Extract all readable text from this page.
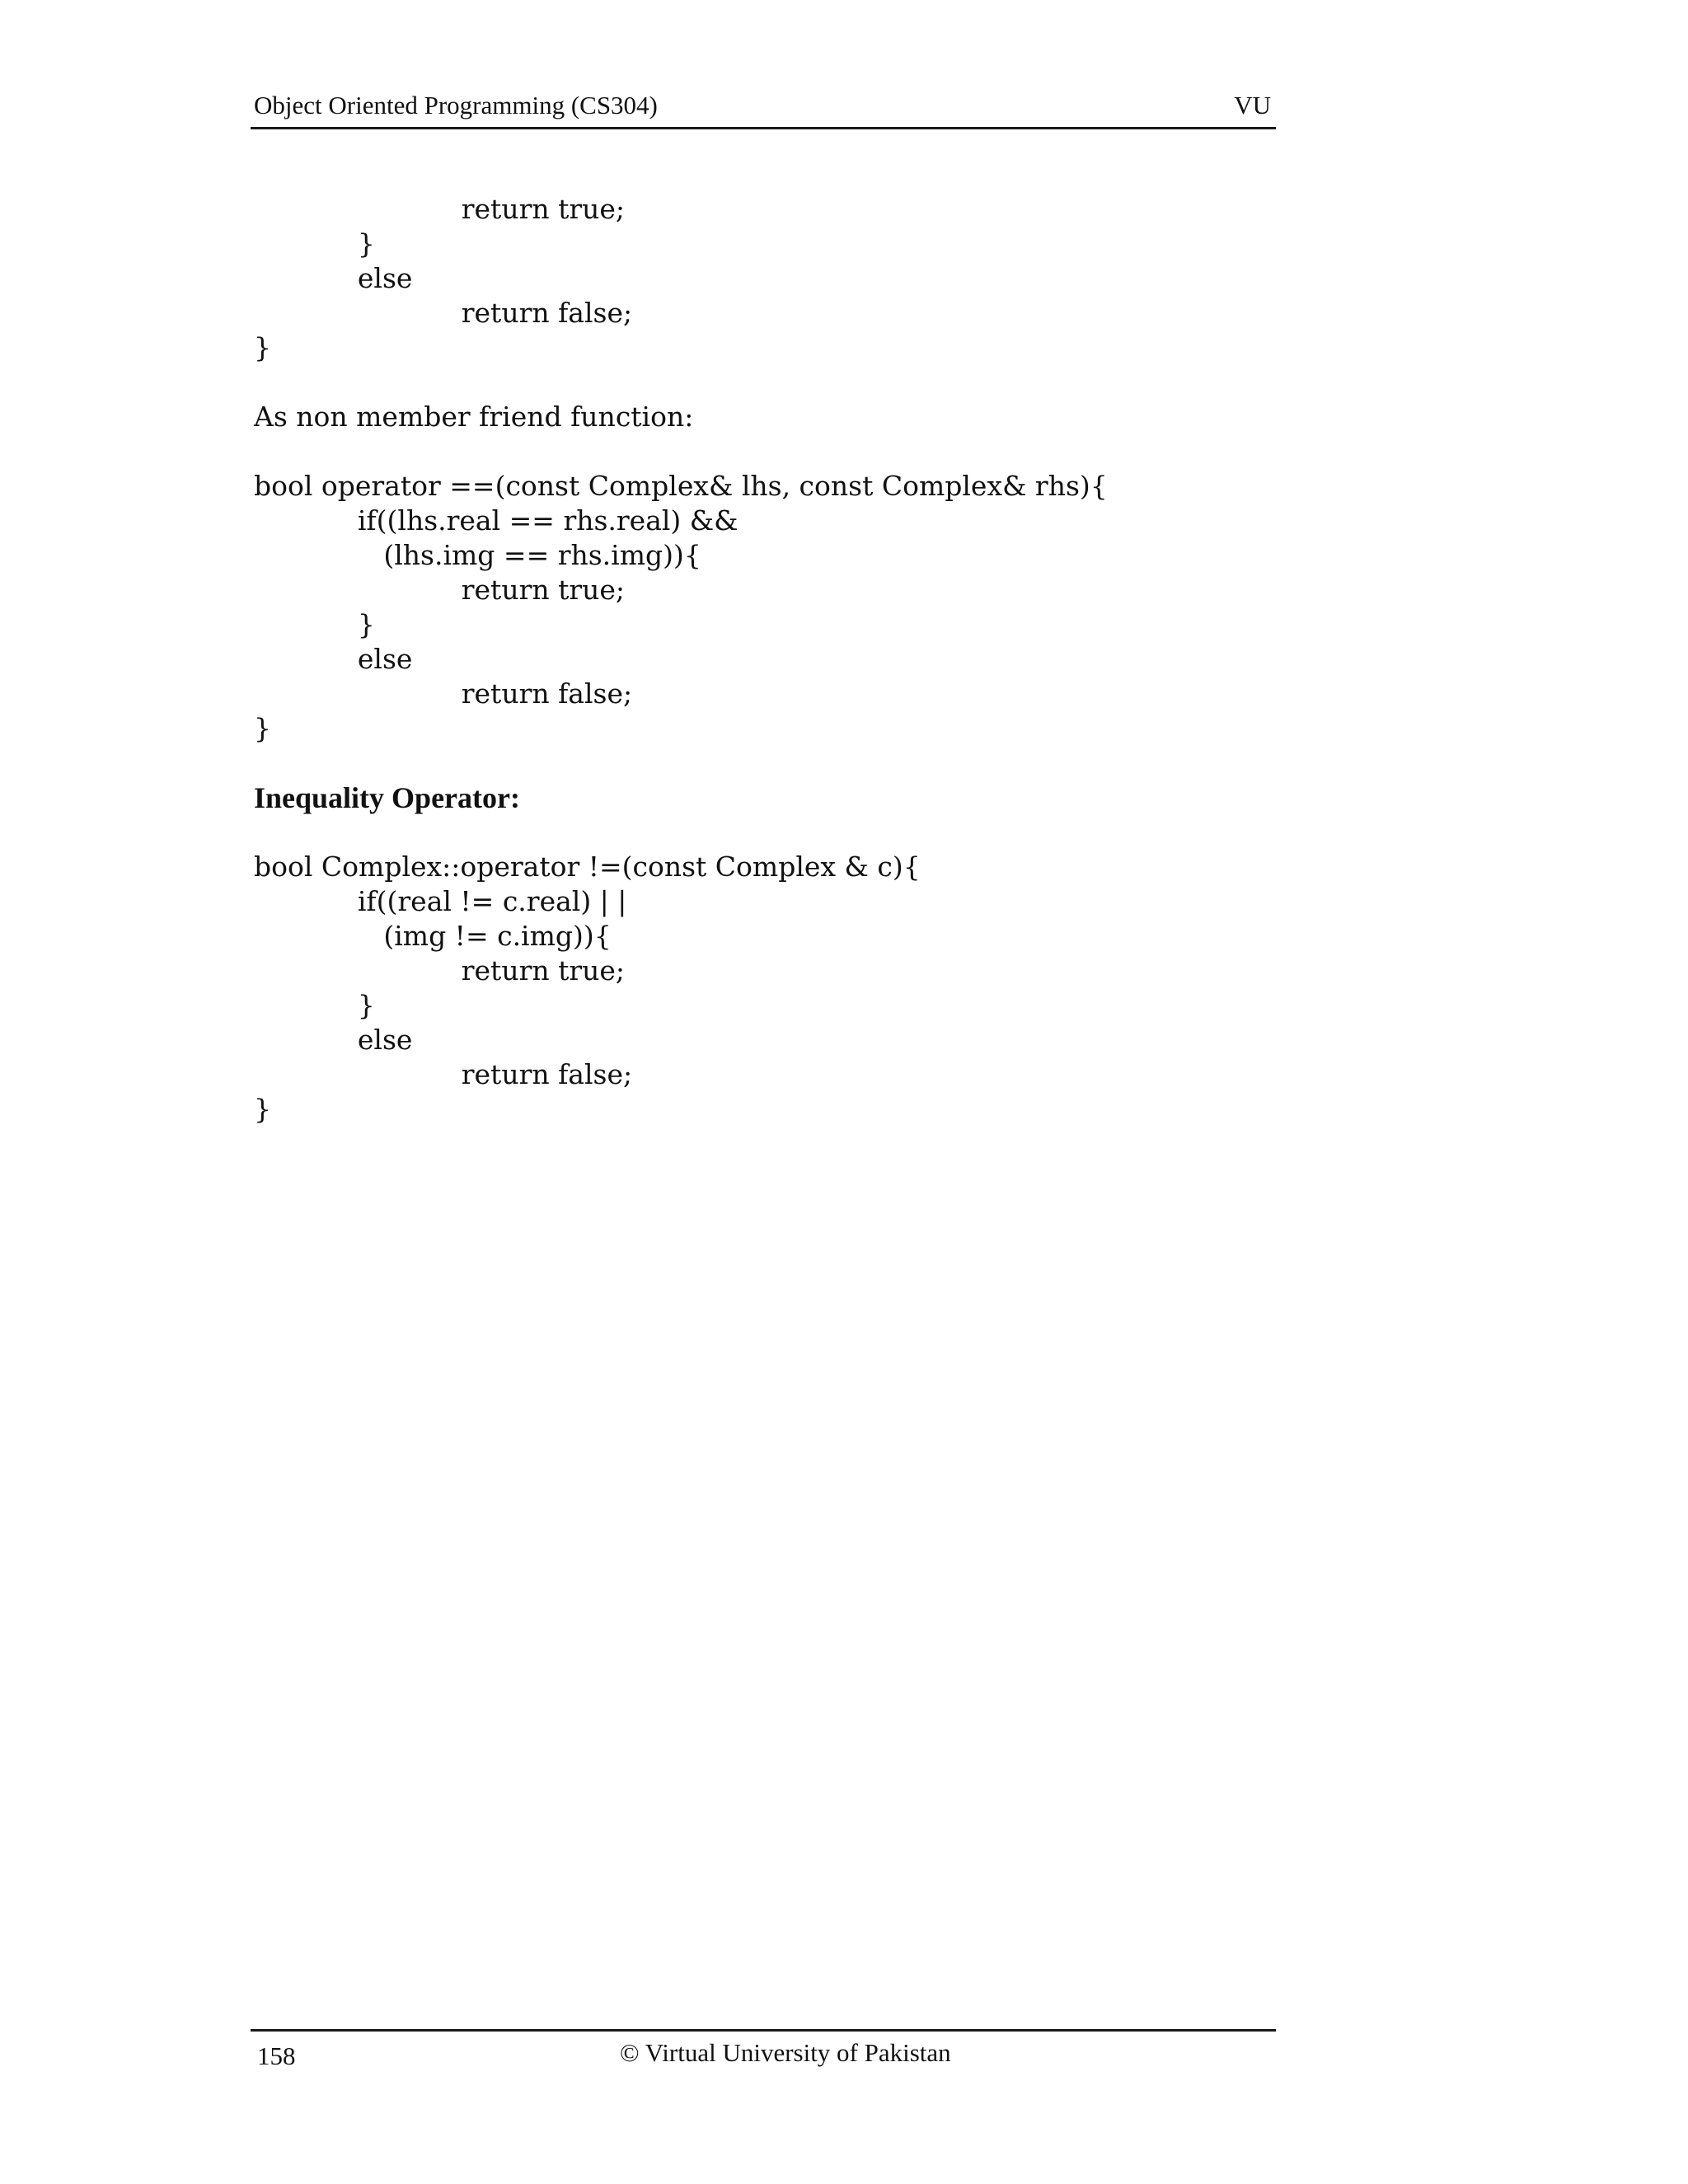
Object Oriented Programming (CS304)	VU
return true;
}
else
return false;
}
As non member friend function:
bool operator ==(const Complex& lhs, const Complex& rhs){
if((lhs.real == rhs.real) &&
(lhs.img == rhs.img)){
return true;
}
else
return false;
}
Inequality Operator:
bool Complex::operator !=(const Complex & c){
if((real != c.real) | |
(img != c.img)){
return true;
}
else
return false;
}
158	© Virtual University of Pakistan
